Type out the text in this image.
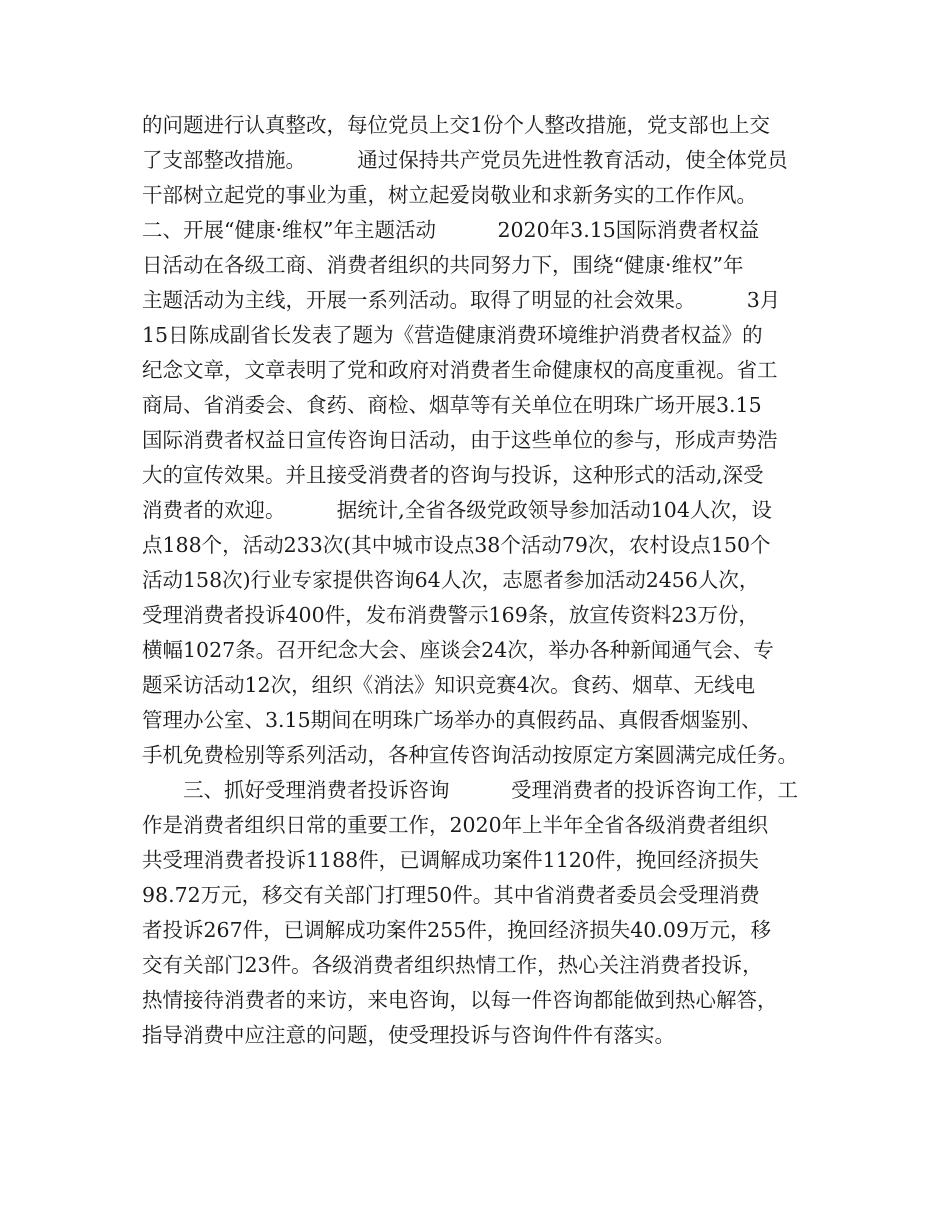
的问题进行认真整改，每位党员上交1份个人整改措施，党支部也上交
了支部整改措施。　　　通过保持共产党员先进性教育活动，使全体党员
干部树立起党的事业为重，树立起爱岗敬业和求新务实的工作作风。
二、开展“健康·维权”年主题活动　　　2020年3.15国际消费者权益
日活动在各级工商、消费者组织的共同努力下，围绕“健康·维权”年
主题活动为主线，开展一系列活动。取得了明显的社会效果。　　　3月
15日陈成副省长发表了题为《营造健康消费环境维护消费者权益》的
纪念文章，文章表明了党和政府对消费者生命健康权的高度重视。省工
商局、省消委会、食药、商检、烟草等有关单位在明珠广场开展3.15
国际消费者权益日宣传咨询日活动，由于这些单位的参与，形成声势浩
大的宣传效果。并且接受消费者的咨询与投诉，这种形式的活动,深受
消费者的欢迎。　　　据统计,全省各级党政领导参加活动104人次，设
点188个，活动233次(其中城市设点38个活动79次，农村设点150个
活动158次)行业专家提供咨询64人次，志愿者参加活动2456人次，
受理消费者投诉400件，发布消费警示169条，放宣传资料23万份，
横幅1027条。召开纪念大会、座谈会24次，举办各种新闻通气会、专
题采访活动12次，组织《消法》知识竞赛4次。食药、烟草、无线电
管理办公室、3.15期间在明珠广场举办的真假药品、真假香烟鉴别、
手机免费检别等系列活动，各种宣传咨询活动按原定方案圆满完成任务。
　　三、抓好受理消费者投诉咨询　　　受理消费者的投诉咨询工作，工
作是消费者组织日常的重要工作，2020年上半年全省各级消费者组织
共受理消费者投诉1188件，已调解成功案件1120件，挽回经济损失
98.72万元，移交有关部门打理50件。其中省消费者委员会受理消费
者投诉267件，已调解成功案件255件，挽回经济损失40.09万元，移
交有关部门23件。各级消费者组织热情工作，热心关注消费者投诉，
热情接待消费者的来访，来电咨询，以每一件咨询都能做到热心解答，
指导消费中应注意的问题，使受理投诉与咨询件件有落实。
